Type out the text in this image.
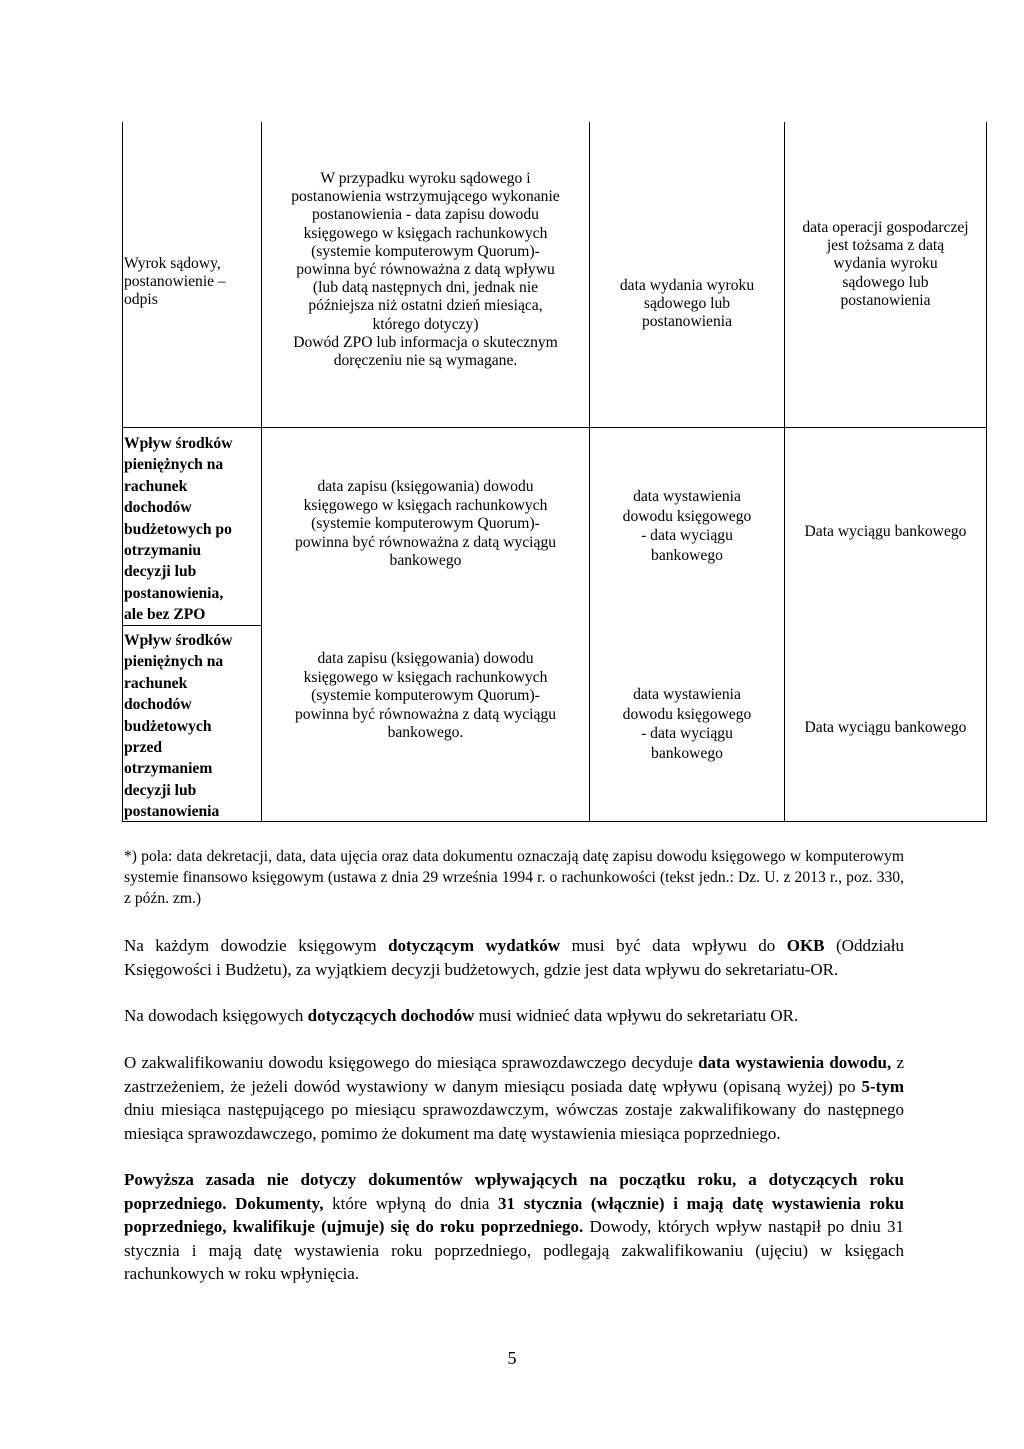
Wyrok sądowy,
postanowienie –
odpis
W przypadku wyroku sądowego i
postanowienia wstrzymującego wykonanie
postanowienia - data zapisu dowodu
księgowego w księgach rachunkowych
(systemie komputerowym Quorum)-
powinna być równoważna z datą wpływu
(lub datą następnych dni, jednak nie
późniejsza niż ostatni dzień miesiąca,
którego dotyczy)
Dowód ZPO lub informacja o skutecznym
doręczeniu nie są wymagane.
data wydania wyroku
sądowego lub
postanowienia
data operacji gospodarczej
jest tożsama z datą
wydania wyroku
sądowego lub
postanowienia
Wpływ środków
pieniężnych na
rachunek
dochodów
budżetowych po
otrzymaniu
decyzji lub
postanowienia,
ale bez ZPO
data zapisu (księgowania) dowodu
księgowego w księgach rachunkowych
(systemie komputerowym Quorum)-
powinna być równoważna z datą wyciągu
bankowego
data wystawienia
dowodu księgowego
- data wyciągu
bankowego
Data wyciągu bankowego
Wpływ środków
pieniężnych na
rachunek
dochodów
budżetowych
przed
otrzymaniem
decyzji lub
postanowienia
data zapisu (księgowania) dowodu
księgowego w księgach rachunkowych
(systemie komputerowym Quorum)-
powinna być równoważna z datą wyciągu
bankowego.
data wystawienia
dowodu księgowego
- data wyciągu
bankowego
Data wyciągu bankowego
*) pola: data dekretacji, data, data ujęcia oraz data dokumentu oznaczają datę zapisu dowodu księgowego w komputerowym systemie finansowo księgowym (ustawa z dnia 29 września 1994 r. o rachunkowości (tekst jedn.: Dz. U. z 2013 r., poz. 330, z późn. zm.)
Na każdym dowodzie księgowym dotyczącym wydatków musi być data wpływu do OKB (Oddziału Księgowości i Budżetu), za wyjątkiem decyzji budżetowych, gdzie jest data wpływu do sekretariatu-OR.
Na dowodach księgowych dotyczących dochodów musi widnieć data wpływu do sekretariatu OR.
O zakwalifikowaniu dowodu księgowego do miesiąca sprawozdawczego decyduje data wystawienia dowodu, z zastrzeżeniem, że jeżeli dowód wystawiony w danym miesiącu posiada datę wpływu (opisaną wyżej) po 5-tym dniu miesiąca następującego po miesiącu sprawozdawczym, wówczas zostaje zakwalifikowany do następnego miesiąca sprawozdawczego, pomimo że dokument ma datę wystawienia miesiąca poprzedniego.
Powyższa zasada nie dotyczy dokumentów wpływających na początku roku, a dotyczących roku poprzedniego. Dokumenty, które wpłyną do dnia 31 stycznia (włącznie) i mają datę wystawienia roku poprzedniego, kwalifikuje (ujmuje) się do roku poprzedniego. Dowody, których wpływ nastąpił po dniu 31 stycznia i mają datę wystawienia roku poprzedniego, podlegają zakwalifikowaniu (ujęciu) w księgach rachunkowych w roku wpłynięcia.
5
